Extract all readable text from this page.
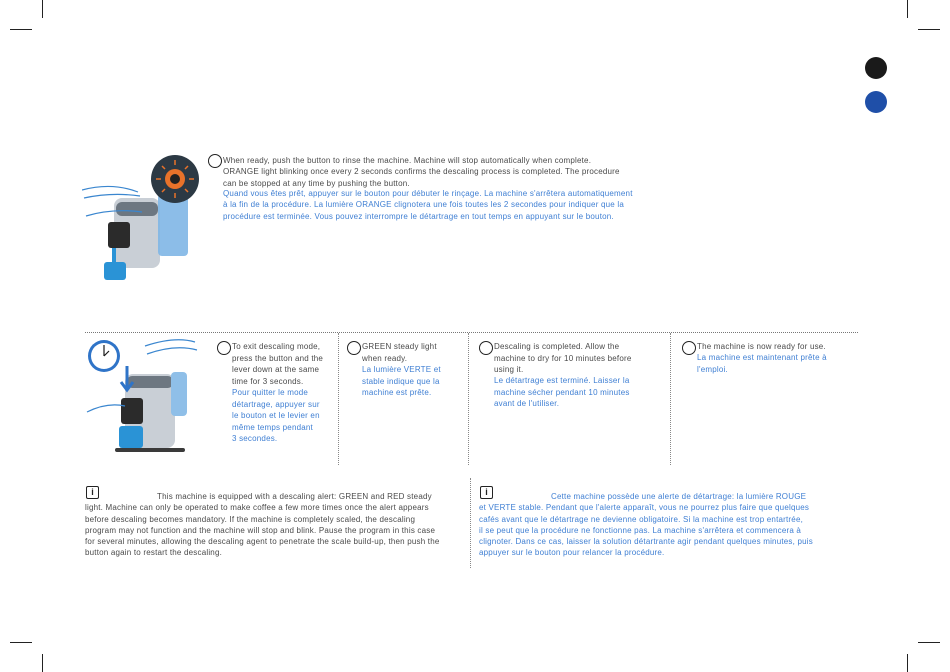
When ready, push the button to rinse the machine. Machine will stop automatically when complete.
ORANGE light blinking once every 2 seconds confirms the descaling process is completed. The procedure
can be stopped at any time by pushing the button.
Quand vous êtes prêt, appuyer sur le bouton pour débuter le rinçage. La machine s'arrêtera automatiquement
à la fin de la procédure. La lumière ORANGE clignotera une fois toutes les 2 secondes pour indiquer que la
procédure est terminée. Vous pouvez interrompre le détartrage en tout temps en appuyant sur le bouton.
To exit descaling mode,
press the button and the
lever down at the same
time for 3 seconds.
Pour quitter le mode
détartrage, appuyer sur
le bouton et le levier en
même temps pendant
3 secondes.
GREEN steady light
when ready.
La lumière VERTE et
stable indique que la
machine est prête.
Descaling is completed. Allow the
machine to dry for 10 minutes before
using it.
Le détartrage est terminé. Laisser la
machine sécher pendant 10 minutes
avant de l'utiliser.
The machine is now ready for use.
La machine est maintenant prête à
l'emploi.
i	This machine is equipped with a descaling alert: GREEN and RED steady
light. Machine can only be operated to make coffee a few more times once the alert appears
before descaling becomes mandatory. If the machine is completely scaled, the descaling
program may not function and the machine will stop and blink. Pause the program in this case
for several minutes, allowing the descaling agent to penetrate the scale build-up, then push the
button again to restart the descaling.
i	Cette machine possède une alerte de détartrage: la lumière ROUGE
et VERTE stable. Pendant que l'alerte apparaît, vous ne pourrez plus faire que quelques
cafés avant que le détartrage ne devienne obligatoire. Si la machine est trop entartrée,
il se peut que la procédure ne fonctionne pas. La machine s'arrêtera et commencera à
clignoter. Dans ce cas, laisser la solution détartrante agir pendant quelques minutes, puis
appuyer sur le bouton pour relancer la procédure.
